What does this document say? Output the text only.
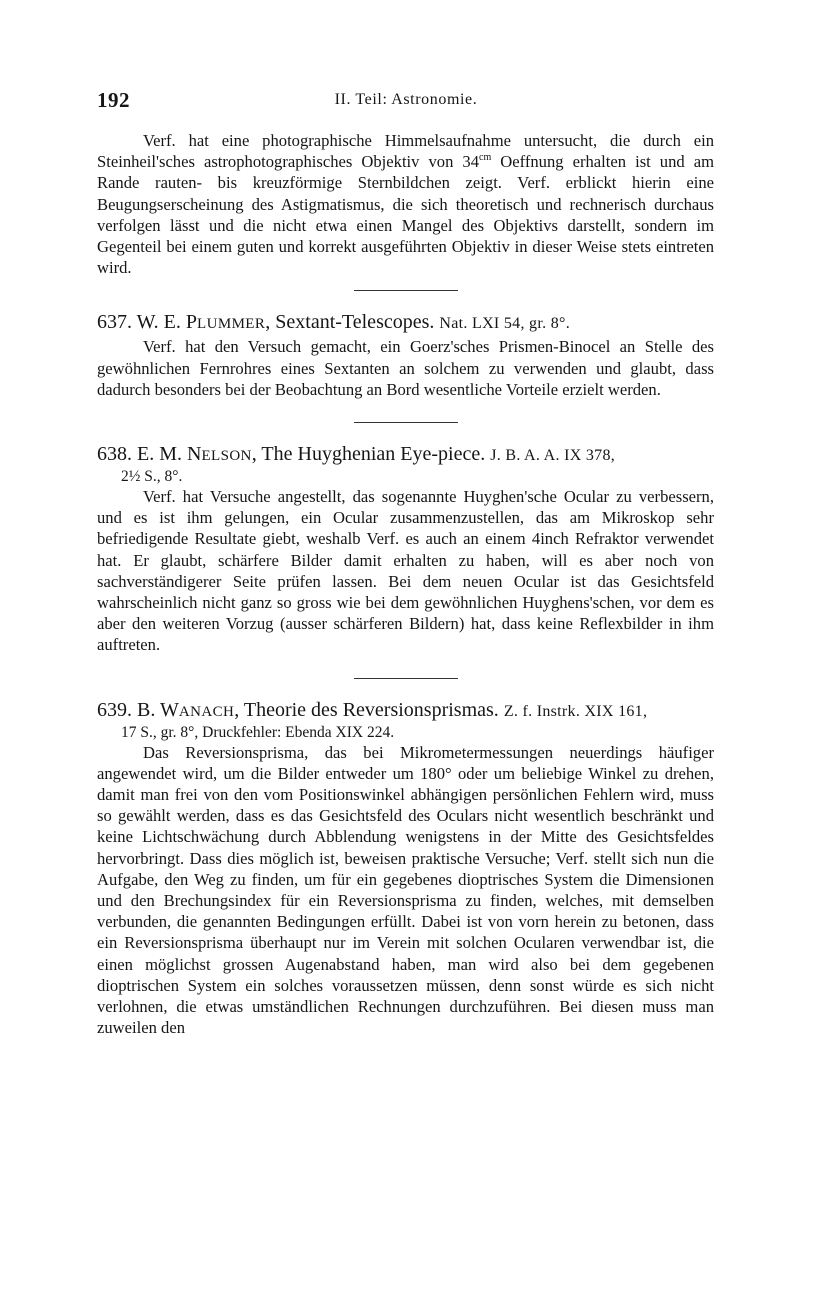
192	II. Teil: Astronomie.

Verf. hat eine photographische Himmelsaufnahme untersucht, die durch ein Steinheil'sches astrophotographisches Objektiv von $34^{cm}$ Oeffnung erhalten ist und am Rande rauten- bis kreuzförmige Sternbildchen zeigt. Verf. erblickt hierin eine Beugungserscheinung des Astigmatismus, die sich theoretisch und rechnerisch durchaus verfolgen lässt und die nicht etwa einen Mangel des Objektivs darstellt, sondern im Gegenteil bei einem guten und korrekt ausgeführten Objektiv in dieser Weise stets eintreten wird.

637. W. E. PLUMMER, Sextant-Telescopes. Nat. LXI 54, gr. 8°.

Verf. hat den Versuch gemacht, ein Goerz'sches Prismen-Binocel an Stelle des gewöhnlichen Fernrohres eines Sextanten an solchem zu verwenden und glaubt, dass dadurch besonders bei der Beobachtung an Bord wesentliche Vorteile erzielt werden.

638. E. M. NELSON, The Huyghenian Eye-piece. J. B. A. A. IX 378,

2½ S., 8°.

Verf. hat Versuche angestellt, das sogenannte Huyghen'sche Ocular zu verbessern, und es ist ihm gelungen, ein Ocular zusammenzustellen, das am Mikroskop sehr befriedigende Resultate giebt, weshalb Verf. es auch an einem 4inch Refraktor verwendet hat. Er glaubt, schärfere Bilder damit erhalten zu haben, will es aber noch von sachverständigerer Seite prüfen lassen. Bei dem neuen Ocular ist das Gesichtsfeld wahrscheinlich nicht ganz so gross wie bei dem gewöhnlichen Huyghens'schen, vor dem es aber den weiteren Vorzug (ausser schärferen Bildern) hat, dass keine Reflexbilder in ihm auftreten.

639. B. WANACH, Theorie des Reversionsprismas. Z. f. Instrk. XIX 161,

17 S., gr. 8°, Druckfehler: Ebenda XIX 224.

Das Reversionsprisma, das bei Mikrometermessungen neuerdings häufiger angewendet wird, um die Bilder entweder um 180° oder um beliebige Winkel zu drehen, damit man frei von den vom Positionswinkel abhängigen persönlichen Fehlern wird, muss so gewählt werden, dass es das Gesichtsfeld des Oculars nicht wesentlich beschränkt und keine Lichtschwächung durch Abblendung wenigstens in der Mitte des Gesichtsfeldes hervorbringt. Dass dies möglich ist, beweisen praktische Versuche; Verf. stellt sich nun die Aufgabe, den Weg zu finden, um für ein gegebenes dioptrisches System die Dimensionen und den Brechungsindex für ein Reversionsprisma zu finden, welches, mit demselben verbunden, die genannten Bedingungen erfüllt. Dabei ist von vorn herein zu betonen, dass ein Reversionsprisma überhaupt nur im Verein mit solchen Ocularen verwendbar ist, die einen möglichst grossen Augenabstand haben, man wird also bei dem gegebenen dioptrischen System ein solches voraussetzen müssen, denn sonst würde es sich nicht verlohnen, die etwas umständlichen Rechnungen durchzuführen. Bei diesen muss man zuweilen den
